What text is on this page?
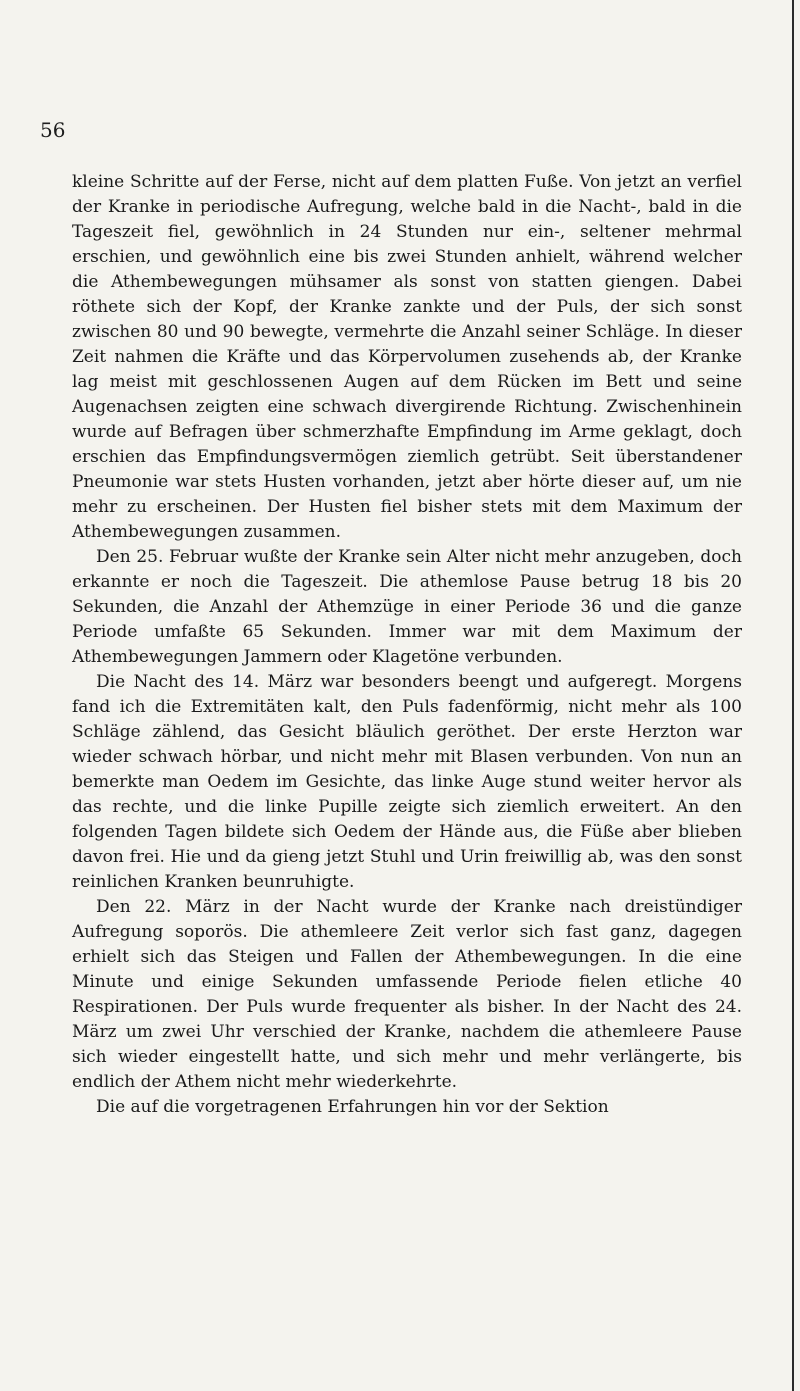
56

kleine Schritte auf der Ferse, nicht auf dem platten Fuße. Von jetzt an verfiel der Kranke in periodische Aufregung, welche bald in die Nacht-, bald in die Tageszeit fiel, gewöhnlich in 24 Stunden nur ein-, seltener mehrmal erschien, und gewöhnlich eine bis zwei Stunden anhielt, während welcher die Athembewegungen mühsamer als sonst von statten giengen. Dabei röthete sich der Kopf, der Kranke zankte und der Puls, der sich sonst zwischen 80 und 90 bewegte, vermehrte die Anzahl seiner Schläge. In dieser Zeit nahmen die Kräfte und das Körpervolumen zusehends ab, der Kranke lag meist mit geschlossenen Augen auf dem Rücken im Bett und seine Augenachsen zeigten eine schwach divergirende Richtung. Zwischenhinein wurde auf Befragen über schmerzhafte Empfindung im Arme geklagt, doch erschien das Empfindungsvermögen ziemlich getrübt. Seit überstandener Pneumonie war stets Husten vorhanden, jetzt aber hörte dieser auf, um nie mehr zu erscheinen. Der Husten fiel bisher stets mit dem Maximum der Athembewegungen zusammen.

Den 25. Februar wußte der Kranke sein Alter nicht mehr anzugeben, doch erkannte er noch die Tageszeit. Die athemlose Pause betrug 18 bis 20 Sekunden, die Anzahl der Athemzüge in einer Periode 36 und die ganze Periode umfaßte 65 Sekunden. Immer war mit dem Maximum der Athembewegungen Jammern oder Klagetöne verbunden.

Die Nacht des 14. März war besonders beengt und aufgeregt. Morgens fand ich die Extremitäten kalt, den Puls fadenförmig, nicht mehr als 100 Schläge zählend, das Gesicht bläulich geröthet. Der erste Herzton war wieder schwach hörbar, und nicht mehr mit Blasen verbunden. Von nun an bemerkte man Oedem im Gesichte, das linke Auge stund weiter hervor als das rechte, und die linke Pupille zeigte sich ziemlich erweitert. An den folgenden Tagen bildete sich Oedem der Hände aus, die Füße aber blieben davon frei. Hie und da gieng jetzt Stuhl und Urin freiwillig ab, was den sonst reinlichen Kranken beunruhigte.

Den 22. März in der Nacht wurde der Kranke nach dreistündiger Aufregung soporös. Die athemleere Zeit verlor sich fast ganz, dagegen erhielt sich das Steigen und Fallen der Athembewegungen. In die eine Minute und einige Sekunden umfassende Periode fielen etliche 40 Respirationen. Der Puls wurde frequenter als bisher. In der Nacht des 24. März um zwei Uhr verschied der Kranke, nachdem die athemleere Pause sich wieder eingestellt hatte, und sich mehr und mehr verlängerte, bis endlich der Athem nicht mehr wiederkehrte.

Die auf die vorgetragenen Erfahrungen hin vor der Sektion
